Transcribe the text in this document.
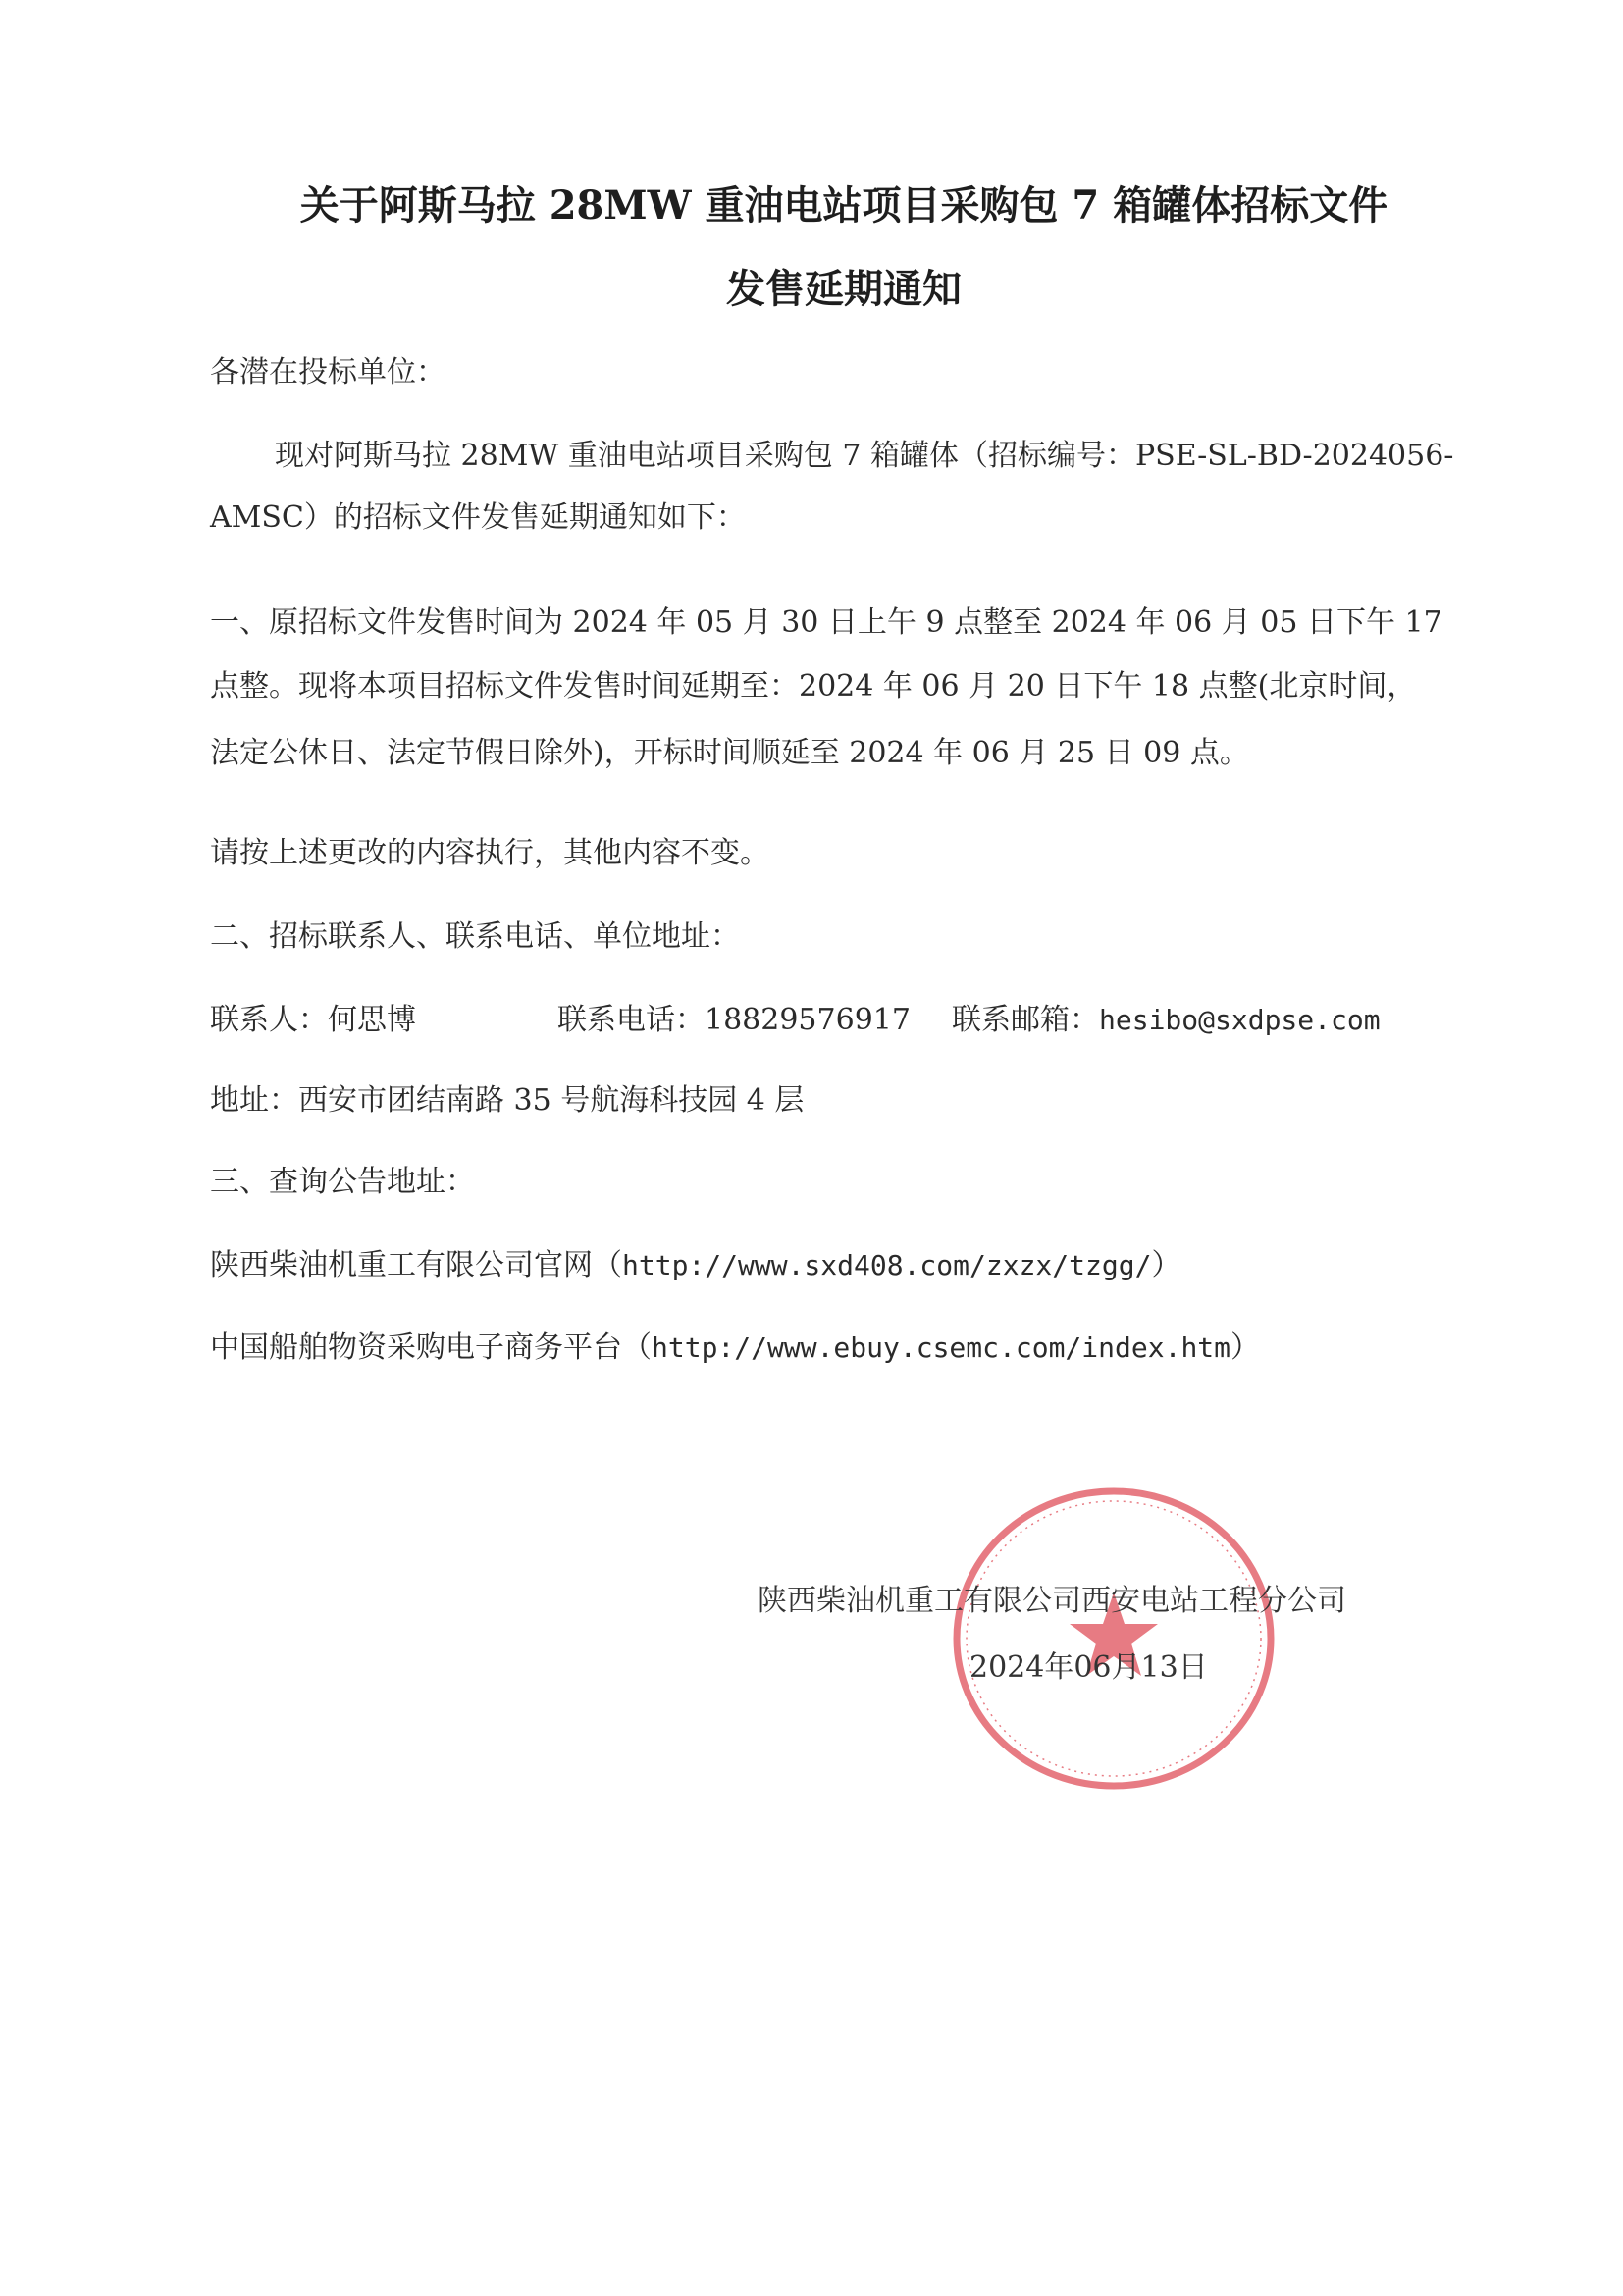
关于阿斯马拉 28MW 重油电站项目采购包 7 箱罐体招标文件
发售延期通知
各潜在投标单位：
现对阿斯马拉 28MW 重油电站项目采购包 7 箱罐体（招标编号：PSE-SL-BD-2024056-
AMSC）的招标文件发售延期通知如下：
一、原招标文件发售时间为 2024 年 05 月 30 日上午 9 点整至 2024 年 06 月 05 日下午 17
点整。现将本项目招标文件发售时间延期至：2024 年 06 月 20 日下午 18 点整(北京时间，
法定公休日、法定节假日除外)，开标时间顺延至 2024 年 06 月 25 日 09 点。
请按上述更改的内容执行，其他内容不变。
二、招标联系人、联系电话、单位地址：
联系人：何思博	联系电话：18829576917 联系邮箱：hesibo@sxdpse.com
地址：西安市团结南路 35 号航海科技园 4 层
三、查询公告地址：
陕西柴油机重工有限公司官网（http://www.sxd408.com/zxzx/tzgg/）
中国船舶物资采购电子商务平台（http://www.ebuy.csemc.com/index.htm）
陕西柴油机重工有限公司西安电站工程分公司
2024年06月13日
